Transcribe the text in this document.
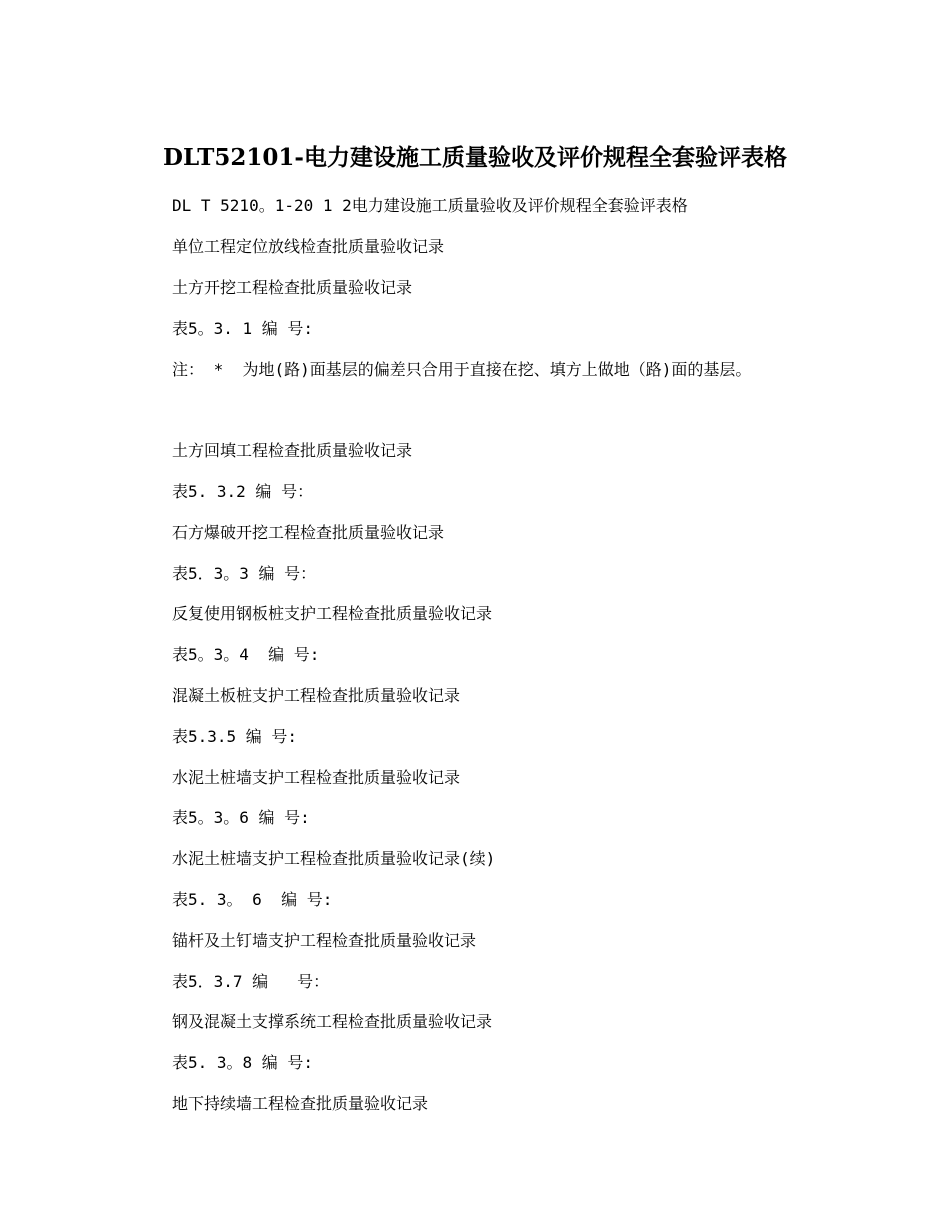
DLT52101-电力建设施工质量验收及评价规程全套验评表格
DL T 5210。1-20 1 2电力建设施工质量验收及评价规程全套验评表格
单位工程定位放线检查批质量验收记录
土方开挖工程检查批质量验收记录
表5。3. 1 编 号:
注： *  为地(路)面基层的偏差只合用于直接在挖、填方上做地（路)面的基层。
土方回填工程检查批质量验收记录
表5. 3.2 编 号：
石方爆破开挖工程检查批质量验收记录
表5．3。3 编 号：
反复使用钢板桩支护工程检查批质量验收记录
表5。3。4  编 号:
混凝土板桩支护工程检查批质量验收记录
表5.3.5 编 号:
水泥土桩墙支护工程检查批质量验收记录
表5。3。6 编 号:
水泥土桩墙支护工程检查批质量验收记录(续)
表5. 3。 6  编 号:
锚杆及土钉墙支护工程检查批质量验收记录
表5．3.7 编   号：
钢及混凝土支撑系统工程检查批质量验收记录
表5. 3。8 编 号:
地下持续墙工程检查批质量验收记录
